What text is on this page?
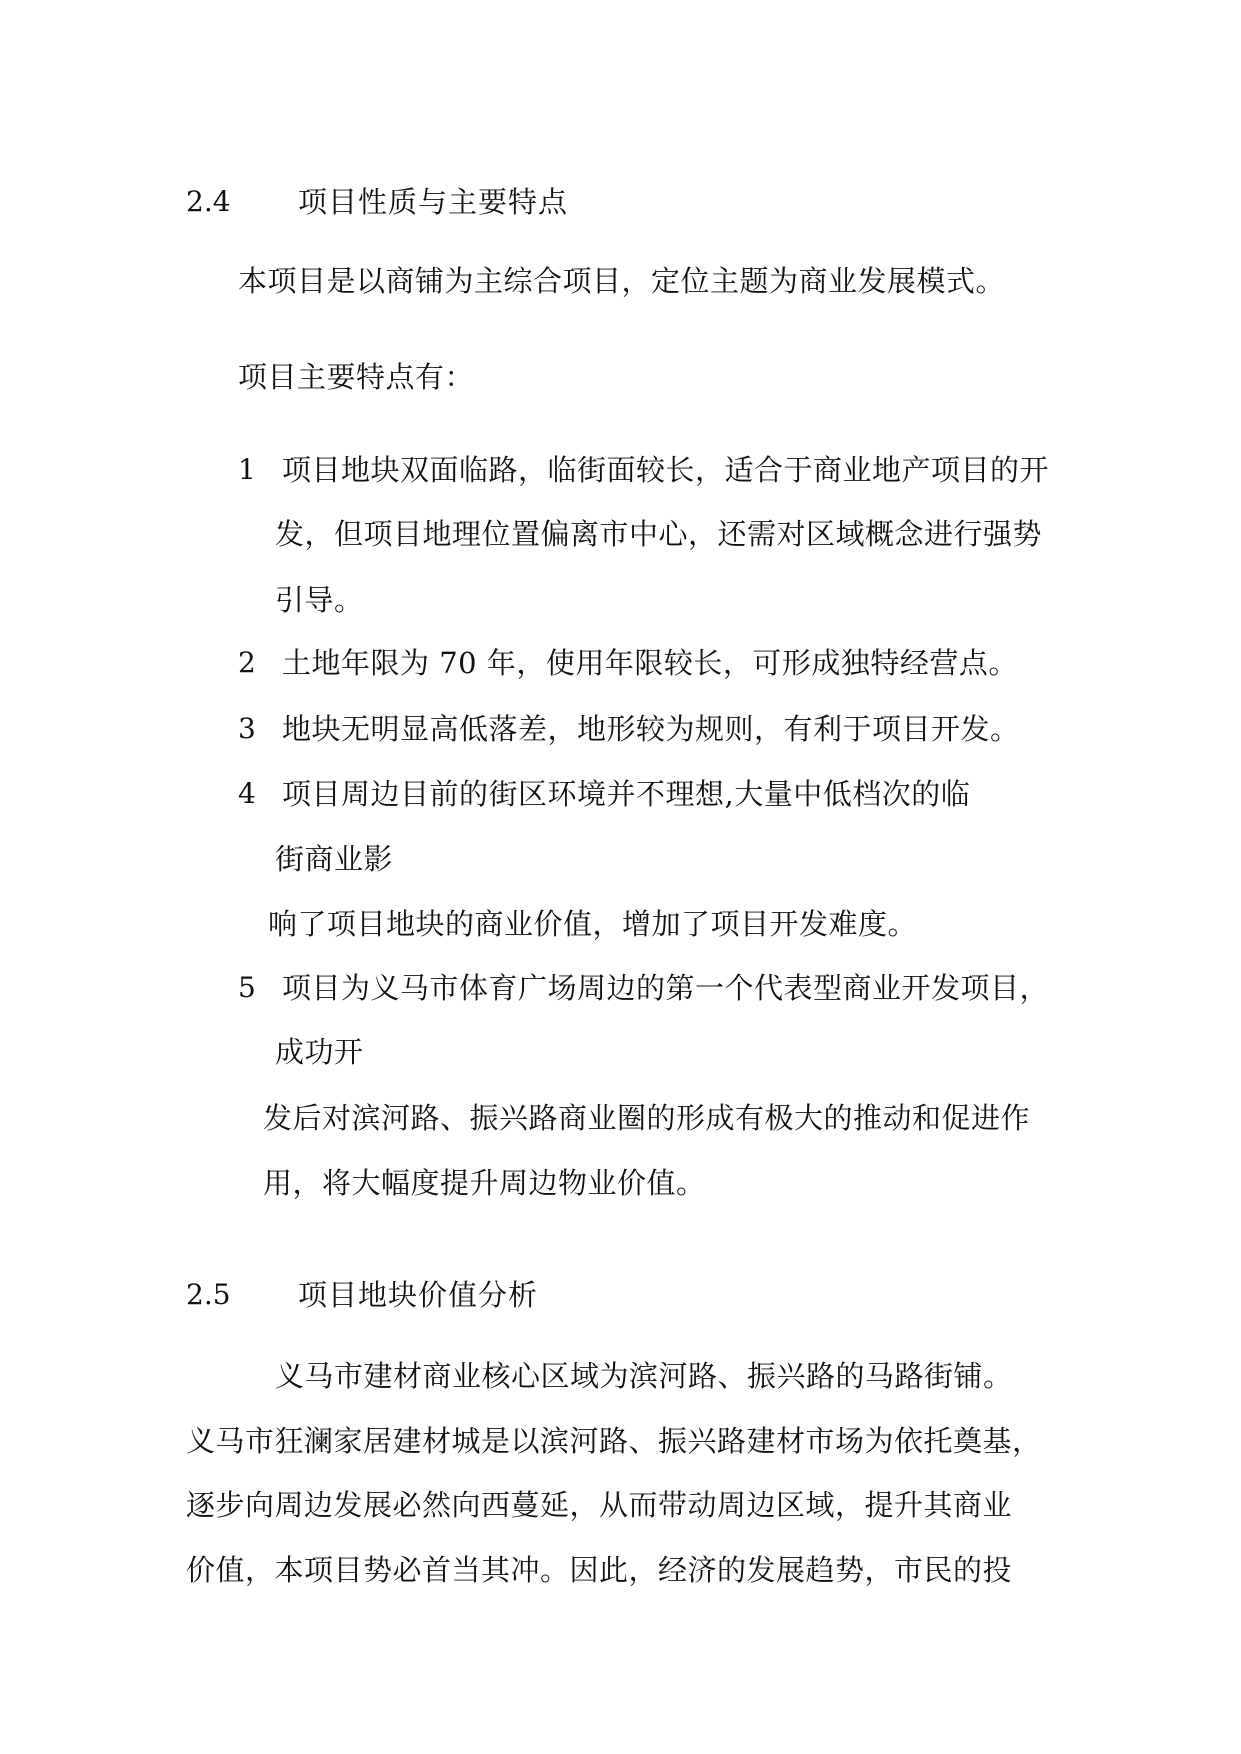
2.4 项目性质与主要特点
本项目是以商铺为主综合项目，定位主题为商业发展模式。
项目主要特点有：
1 项目地块双面临路，临街面较长，适合于商业地产项目的开
发，但项目地理位置偏离市中心，还需对区域概念进行强势
引导。
2 土地年限为 70 年，使用年限较长，可形成独特经营点。
3 地块无明显高低落差，地形较为规则，有利于项目开发。
4 项目周边目前的街区环境并不理想,大量中低档次的临
街商业影
响了项目地块的商业价值，增加了项目开发难度。
5 项目为义马市体育广场周边的第一个代表型商业开发项目，
成功开
发后对滨河路、振兴路商业圈的形成有极大的推动和促进作
用，将大幅度提升周边物业价值。
2.5 项目地块价值分析
义马市建材商业核心区域为滨河路、振兴路的马路街铺。
义马市狂澜家居建材城是以滨河路、振兴路建材市场为依托奠基，
逐步向周边发展必然向西蔓延，从而带动周边区域，提升其商业
价值，本项目势必首当其冲。因此，经济的发展趋势，市民的投
